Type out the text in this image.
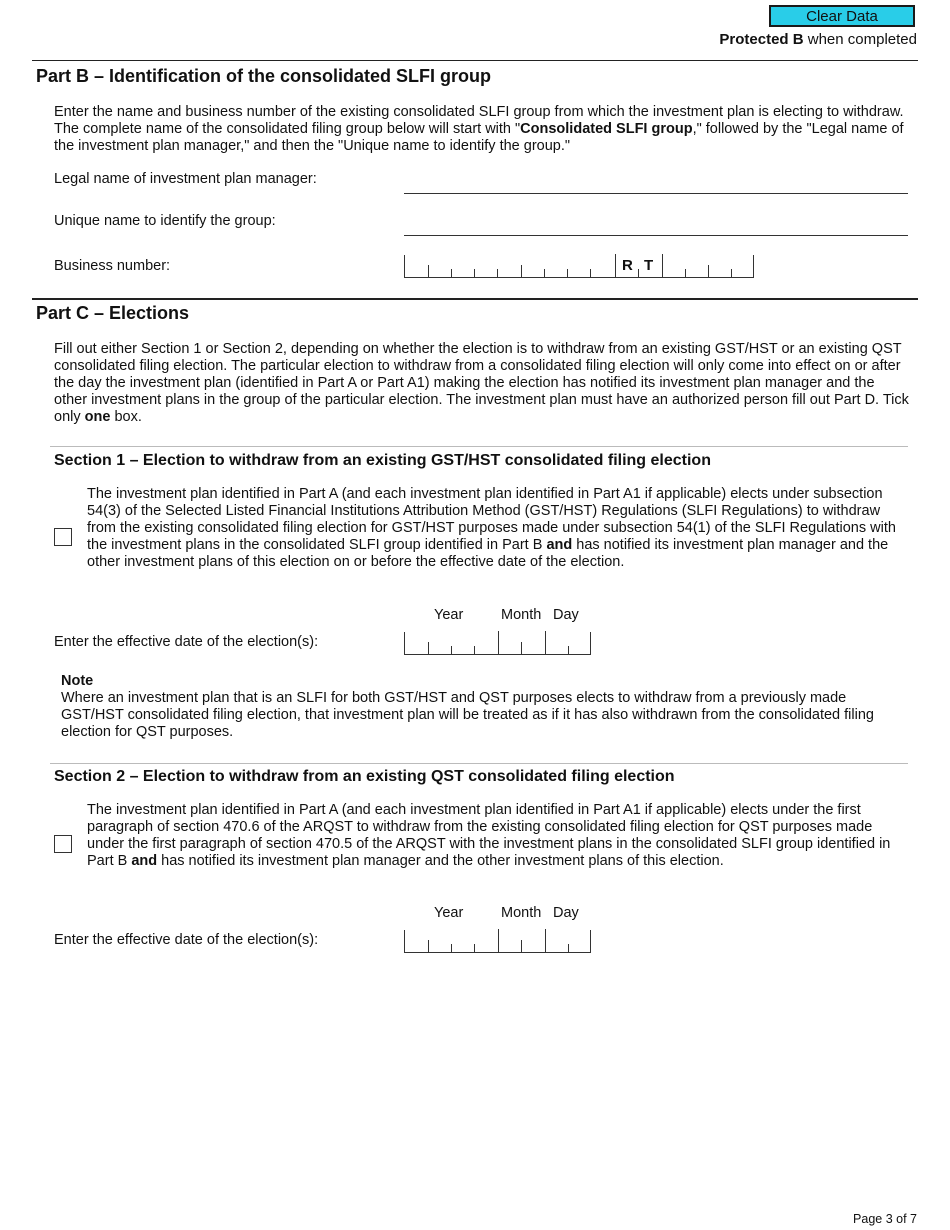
Clear Data
Protected B when completed
Part B – Identification of the consolidated SLFI group
Enter the name and business number of the existing consolidated SLFI group from which the investment plan is electing to withdraw. The complete name of the consolidated filing group below will start with "Consolidated SLFI group," followed by the "Legal name of the investment plan manager," and then the "Unique name to identify the group."
Legal name of investment plan manager:
Unique name to identify the group:
Business number:	R T
Part C – Elections
Fill out either Section 1 or Section 2, depending on whether the election is to withdraw from an existing GST/HST or an existing QST consolidated filing election. The particular election to withdraw from a consolidated filing election will only come into effect on or after the day the investment plan (identified in Part A or Part A1) making the election has notified its investment plan manager and the other investment plans in the group of the particular election. The investment plan must have an authorized person fill out Part D. Tick only one box.
Section 1 – Election to withdraw from an existing GST/HST consolidated filing election
The investment plan identified in Part A (and each investment plan identified in Part A1 if applicable) elects under subsection 54(3) of the Selected Listed Financial Institutions Attribution Method (GST/HST) Regulations (SLFI Regulations) to withdraw from the existing consolidated filing election for GST/HST purposes made under subsection 54(1) of the SLFI Regulations with the investment plans in the consolidated SLFI group identified in Part B and has notified its investment plan manager and the other investment plans of this election on or before the effective date of the election.
Year	Month Day
Enter the effective date of the election(s):
Note
Where an investment plan that is an SLFI for both GST/HST and QST purposes elects to withdraw from a previously made GST/HST consolidated filing election, that investment plan will be treated as if it has also withdrawn from the consolidated filing election for QST purposes.
Section 2 – Election to withdraw from an existing QST consolidated filing election
The investment plan identified in Part A (and each investment plan identified in Part A1 if applicable) elects under the first paragraph of section 470.6 of the ARQST to withdraw from the existing consolidated filing election for QST purposes made under the first paragraph of section 470.5 of the ARQST with the investment plans in the consolidated SLFI group identified in Part B and has notified its investment plan manager and the other investment plans of this election.
Year	Month Day
Enter the effective date of the election(s):
Page 3 of 7
